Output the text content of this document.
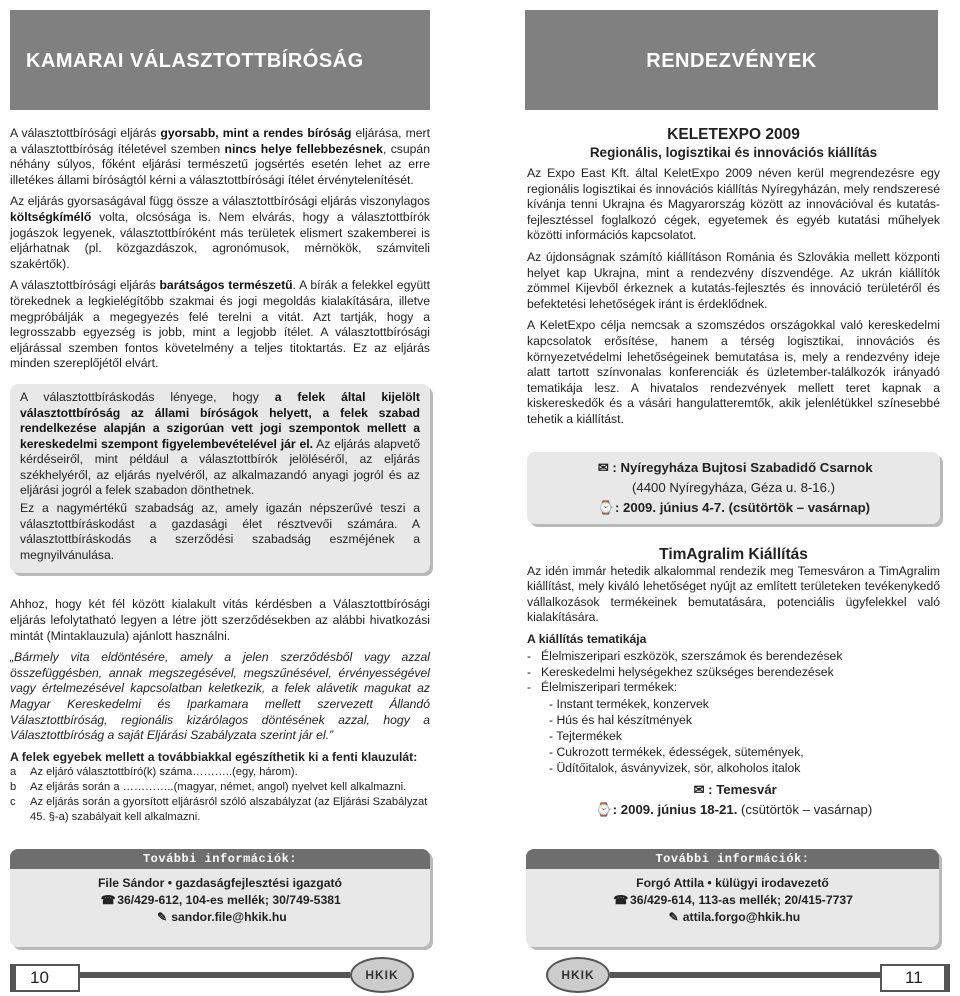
KAMARAI VÁLASZTOTTBÍRÓSÁG	RENDEZVÉNYEK
A választottbírósági eljárás gyorsabb, mint a rendes bíróság eljárása, mert a választottbíróság ítéletével szemben nincs helye fellebbezésnek, csupán néhány súlyos, főként eljárási természetű jogsértés esetén lehet az erre illetékes állami bíróságtól kérni a választottbírósági ítélet érvénytelenítését.
Az eljárás gyorsaságával függ össze a választottbírósági eljárás viszonylagos költségkímélő volta, olcsósága is. Nem elvárás, hogy a választottbírók jogászok legyenek, választottbíróként más területek elismert szakemberei is eljárhatnak (pl. közgazdászok, agronómusok, mérnökök, számviteli szakértők).
A választottbírósági eljárás barátságos természetű. A bírák a felekkel együtt törekednek a legkielégítőbb szakmai és jogi megoldás kialakítására, illetve megpróbálják a megegyezés felé terelni a vitát. Azt tartják, hogy a legrosszabb egyezség is jobb, mint a legjobb ítélet. A választottbírósági eljárással szemben fontos követelmény a teljes titoktartás. Ez az eljárás minden szereplőjétől elvárt.
A választottbíráskodás lényege, hogy a felek által kijelölt választottbíróság az állami bíróságok helyett, a felek szabad rendelkezése alapján a szigorúan vett jogi szempontok mellett a kereskedelmi szempont figyelembevételével jár el. Az eljárás alapvető kérdéseiről, mint például a választottbírók jelöléséről, az eljárás székhelyéről, az eljárás nyelvéről, az alkalmazandó anyagi jogról és az eljárási jogról a felek szabadon dönthetnek.
Ez a nagymértékű szabadság az, amely igazán népszerűvé teszi a választottbíráskodást a gazdasági élet résztvevői számára. A választottbíráskodás a szerződési szabadság eszméjének a megnyilvánulása.
Ahhoz, hogy két fél között kialakult vitás kérdésben a Választottbírósági eljárás lefolytatható legyen a létre jött szerződésekben az alábbi hivatkozási mintát (Mintaklauzula) ajánlott használni.
„Bármely vita eldöntésére, amely a jelen szerződésből vagy azzal összefüggésben, annak megszegésével, megszűnésével, érvényességével vagy értelmezésével kapcsolatban keletkezik, a felek alávetik magukat az Magyar Kereskedelmi és Iparkamara mellett szervezett Állandó Választottbíróság, regionális kizárólagos döntésének azzal, hogy a Választottbíróság a saját Eljárási Szabályzata szerint jár el.”
A felek egyebek mellett a továbbiakkal egészíthetik ki a fenti klauzulát:
a	Az eljáró választottbíró(k) száma………..(egy, három).
b	Az eljárás során a …………..(magyar, német, angol) nyelvet kell alkalmazni.
c	Az eljárás során a gyorsított eljárásról szóló alszabályzat (az Eljárási Szabályzat 45. §-a) szabályait kell alkalmazni.
KELETEXPO 2009
Regionális, logisztikai és innovációs kiállítás
Az Expo East Kft. által KeletExpo 2009 néven kerül megrendezésre egy regionális logisztikai és innovációs kiállítás Nyíregyházán, mely rendszeresé kívánja tenni Ukrajna és Magyarország között az innovációval és kutatás-fejlesztéssel foglalkozó cégek, egyetemek és egyéb kutatási műhelyek közötti információs kapcsolatot.
Az újdonságnak számító kiállításon Románia és Szlovákia mellett központi helyet kap Ukrajna, mint a rendezvény díszvendége. Az ukrán kiállítók zömmel Kijevből érkeznek a kutatás-fejlesztés és innováció területéről és befektetési lehetőségek iránt is érdeklődnek.
A KeletExpo célja nemcsak a szomszédos országokkal való kereskedelmi kapcsolatok erősítése, hanem a térség logisztikai, innovációs és környezetvédelmi lehetőségeinek bemutatása is, mely a rendezvény ideje alatt tartott színvonalas konferenciák és üzletember-találkozók irányadó tematikája lesz. A hivatalos rendezvények mellett teret kapnak a kiskereskedők és a vásári hangulatteremtők, akik jelenlétükkel színesebbé tehetik a kiállítást.
✉ : Nyíregyháza Bujtosi Szabadidő Csarnok
(4400 Nyíregyháza, Géza u. 8-16.)
⌚: 2009. június 4-7. (csütörtök – vasárnap)
TimAgralim Kiállítás
Az idén immár hetedik alkalommal rendezik meg Temesváron a TimAgralim kiállítást, mely kiváló lehetőséget nyújt az említett területeken tevékenykedő vállalkozások termékeinek bemutatására, potenciális ügyfelekkel való kialakítására.
A kiállítás tematikája
- Élelmiszeripari eszközök, szerszámok és berendezések
- Kereskedelmi helységekhez szükséges berendezések
- Élelmiszeripari termékek:
- Instant termékek, konzervek
- Hús és hal készítmények
- Tejtermékek
- Cukrozott termékek, édességek, sütemények,
- Üdítőitalok, ásványvizek, sör, alkoholos italok
✉ : Temesvár
⌚: 2009. június 18-21. (csütörtök – vasárnap)
További információk:
File Sándor • gazdaságfejlesztési igazgató
☎36/429-612, 104-es mellék; 30/749-5381
✎ sandor.file@hkik.hu
További információk:
Forgó Attila • külügyi irodavezető
☎36/429-614, 113-as mellék; 20/415-7737
✎ attila.forgo@hkik.hu
10	11
HKIK	HKIK
